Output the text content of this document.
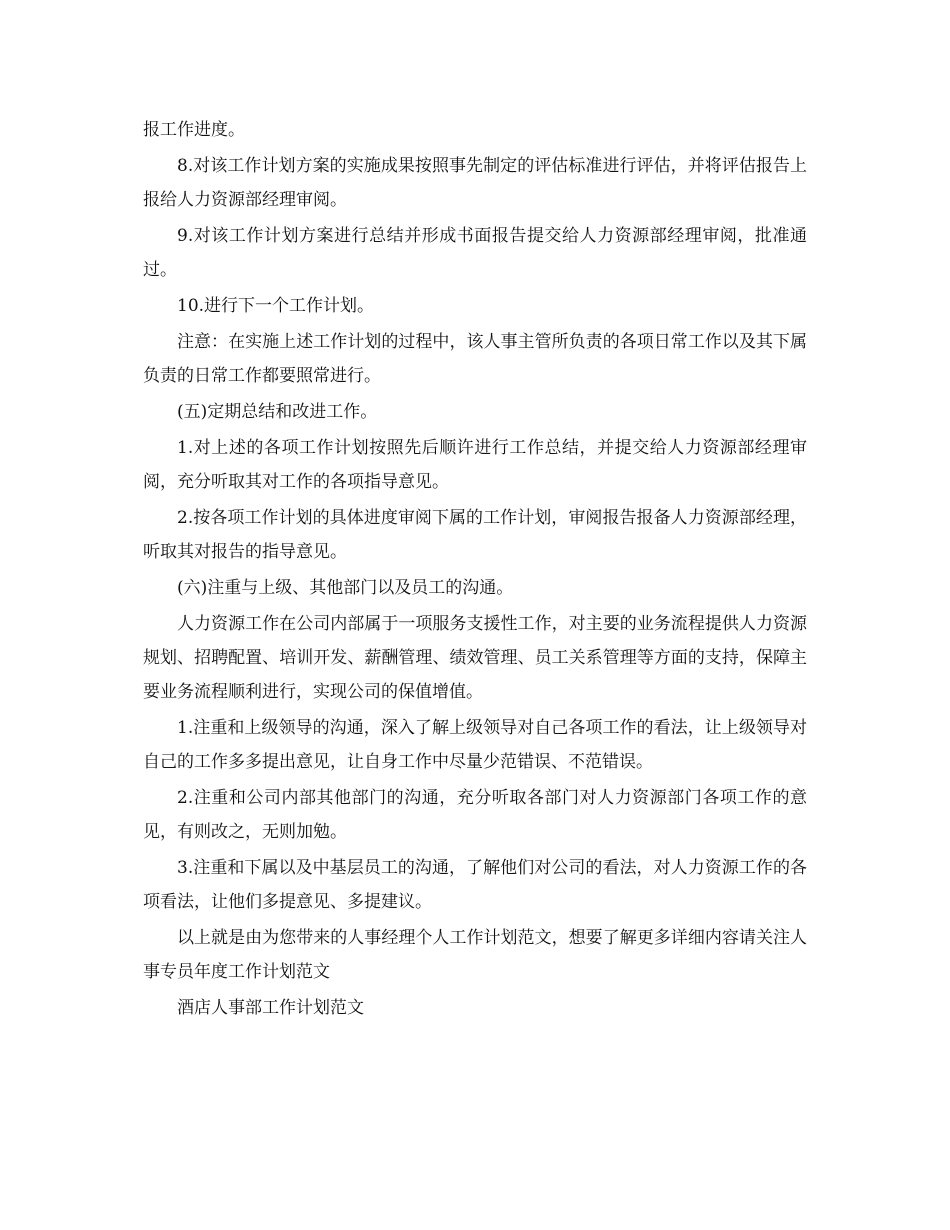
报工作进度。

8.对该工作计划方案的实施成果按照事先制定的评估标准进行评估，并将评估报告上报给人力资源部经理审阅。

9.对该工作计划方案进行总结并形成书面报告提交给人力资源部经理审阅，批准通过。

10.进行下一个工作计划。

注意：在实施上述工作计划的过程中，该人事主管所负责的各项日常工作以及其下属负责的日常工作都要照常进行。

(五)定期总结和改进工作。

1.对上述的各项工作计划按照先后顺许进行工作总结，并提交给人力资源部经理审阅，充分听取其对工作的各项指导意见。

2.按各项工作计划的具体进度审阅下属的工作计划，审阅报告报备人力资源部经理，听取其对报告的指导意见。

(六)注重与上级、其他部门以及员工的沟通。

人力资源工作在公司内部属于一项服务支援性工作，对主要的业务流程提供人力资源规划、招聘配置、培训开发、薪酬管理、绩效管理、员工关系管理等方面的支持，保障主要业务流程顺利进行，实现公司的保值增值。

1.注重和上级领导的沟通，深入了解上级领导对自己各项工作的看法，让上级领导对自己的工作多多提出意见，让自身工作中尽量少范错误、不范错误。

2.注重和公司内部其他部门的沟通，充分听取各部门对人力资源部门各项工作的意见，有则改之，无则加勉。

3.注重和下属以及中基层员工的沟通，了解他们对公司的看法，对人力资源工作的各项看法，让他们多提意见、多提建议。

以上就是由为您带来的人事经理个人工作计划范文，想要了解更多详细内容请关注人事专员年度工作计划范文

酒店人事部工作计划范文
